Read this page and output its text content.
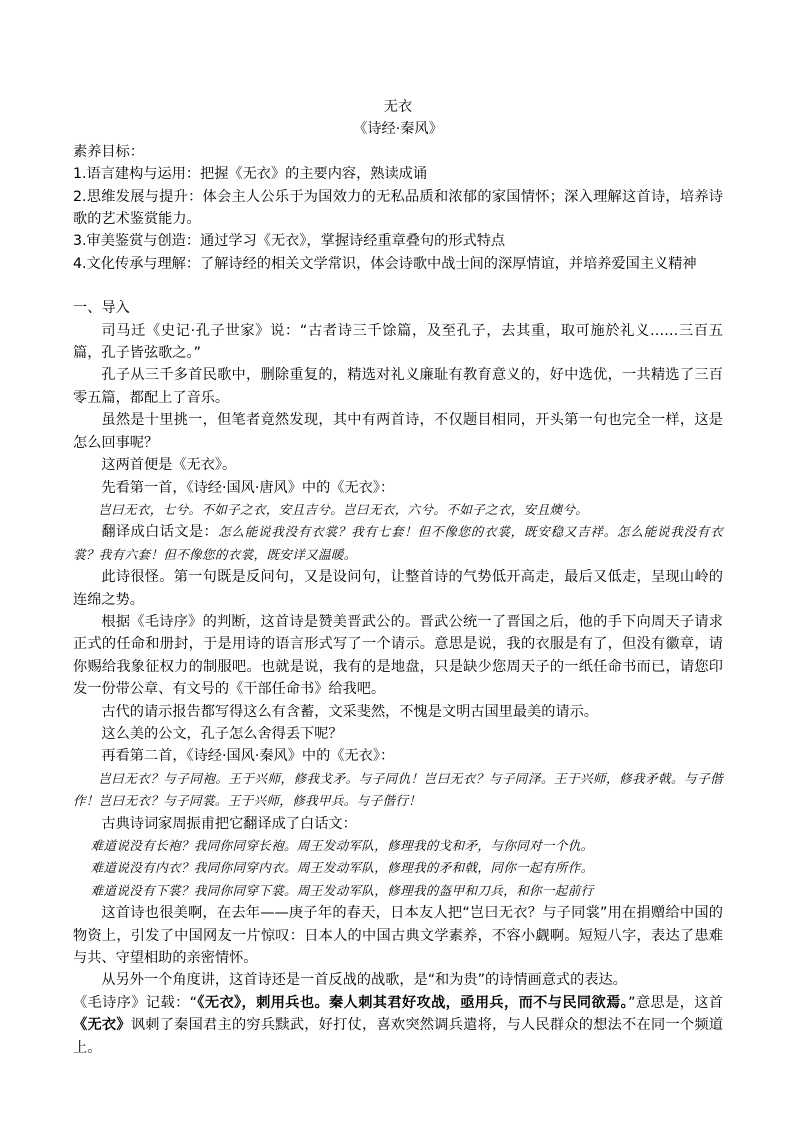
无衣
《诗经·秦风》
素养目标：

1.语言建构与运用：把握《无衣》的主要内容，熟读成诵

2.思维发展与提升：体会主人公乐于为国效力的无私品质和浓郁的家国情怀；深入理解这首诗，培养诗歌的艺术鉴赏能力。

3.审美鉴赏与创造：通过学习《无衣》，掌握诗经重章叠句的形式特点

4.文化传承与理解：了解诗经的相关文学常识，体会诗歌中战士间的深厚情谊，并培养爱国主义精神

一、导入

司马迁《史记·孔子世家》说：“古者诗三千馀篇，及至孔子，去其重，取可施於礼义……三百五篇，孔子皆弦歌之。”

孔子从三千多首民歌中，删除重复的，精选对礼义廉耻有教育意义的，好中选优，一共精选了三百零五篇，都配上了音乐。

虽然是十里挑一，但笔者竟然发现，其中有两首诗，不仅题目相同，开头第一句也完全一样，这是怎么回事呢？

这两首便是《无衣》。

先看第一首，《诗经·国风·唐风》中的《无衣》：

岂曰无衣，七兮。不如子之衣，安且吉兮。岂曰无衣，六兮。不如子之衣，安且燠兮。

翻译成白话文是：怎么能说我没有衣裳？我有七套！但不像您的衣裳，既安稳又吉祥。怎么能说我没有衣裳？我有六套！但不像您的衣裳，既安详又温暖。

此诗很怪。第一句既是反问句，又是设问句，让整首诗的气势低开高走，最后又低走，呈现山岭的连绵之势。

根据《毛诗序》的判断，这首诗是赞美晋武公的。晋武公统一了晋国之后，他的手下向周天子请求正式的任命和册封，于是用诗的语言形式写了一个请示。意思是说，我的衣服是有了，但没有徽章，请你赐给我象征权力的制服吧。也就是说，我有的是地盘，只是缺少您周天子的一纸任命书而已，请您印发一份带公章、有文号的《干部任命书》给我吧。

古代的请示报告都写得这么有含蓄，文采斐然，不愧是文明古国里最美的请示。

这么美的公文，孔子怎么舍得丢下呢？

再看第二首，《诗经·国风·秦风》中的《无衣》：

岂曰无衣？与子同袍。王于兴师，修我戈矛。与子同仇！岂曰无衣？与子同泽。王于兴师，修我矛戟。与子偕作！岂曰无衣？与子同裳。王于兴师，修我甲兵。与子偕行！

古典诗词家周振甫把它翻译成了白话文：

难道说没有长袍？我同你同穿长袍。周王发动军队，修理我的戈和矛，与你同对一个仇。

难道说没有内衣？我同你同穿内衣。周王发动军队，修理我的矛和戟，同你一起有所作。

难道说没有下裳？我同你同穿下裳。周王发动军队，修理我的盔甲和刀兵，和你一起前行

这首诗也很美啊，在去年——庚子年的春天，日本友人把“岂曰无衣？与子同裳”用在捐赠给中国的物资上，引发了中国网友一片惊叹：日本人的中国古典文学素养，不容小觑啊。短短八字，表达了患难与共、守望相助的亲密情怀。

从另外一个角度讲，这首诗还是一首反战的战歌，是“和为贵”的诗情画意式的表达。

《毛诗序》记载：“《无衣》，刺用兵也。秦人刺其君好攻战，亟用兵，而不与民同欲焉。”意思是，这首《无衣》讽刺了秦国君主的穷兵黩武，好打仗，喜欢突然调兵遣将，与人民群众的想法不在同一个频道上。
